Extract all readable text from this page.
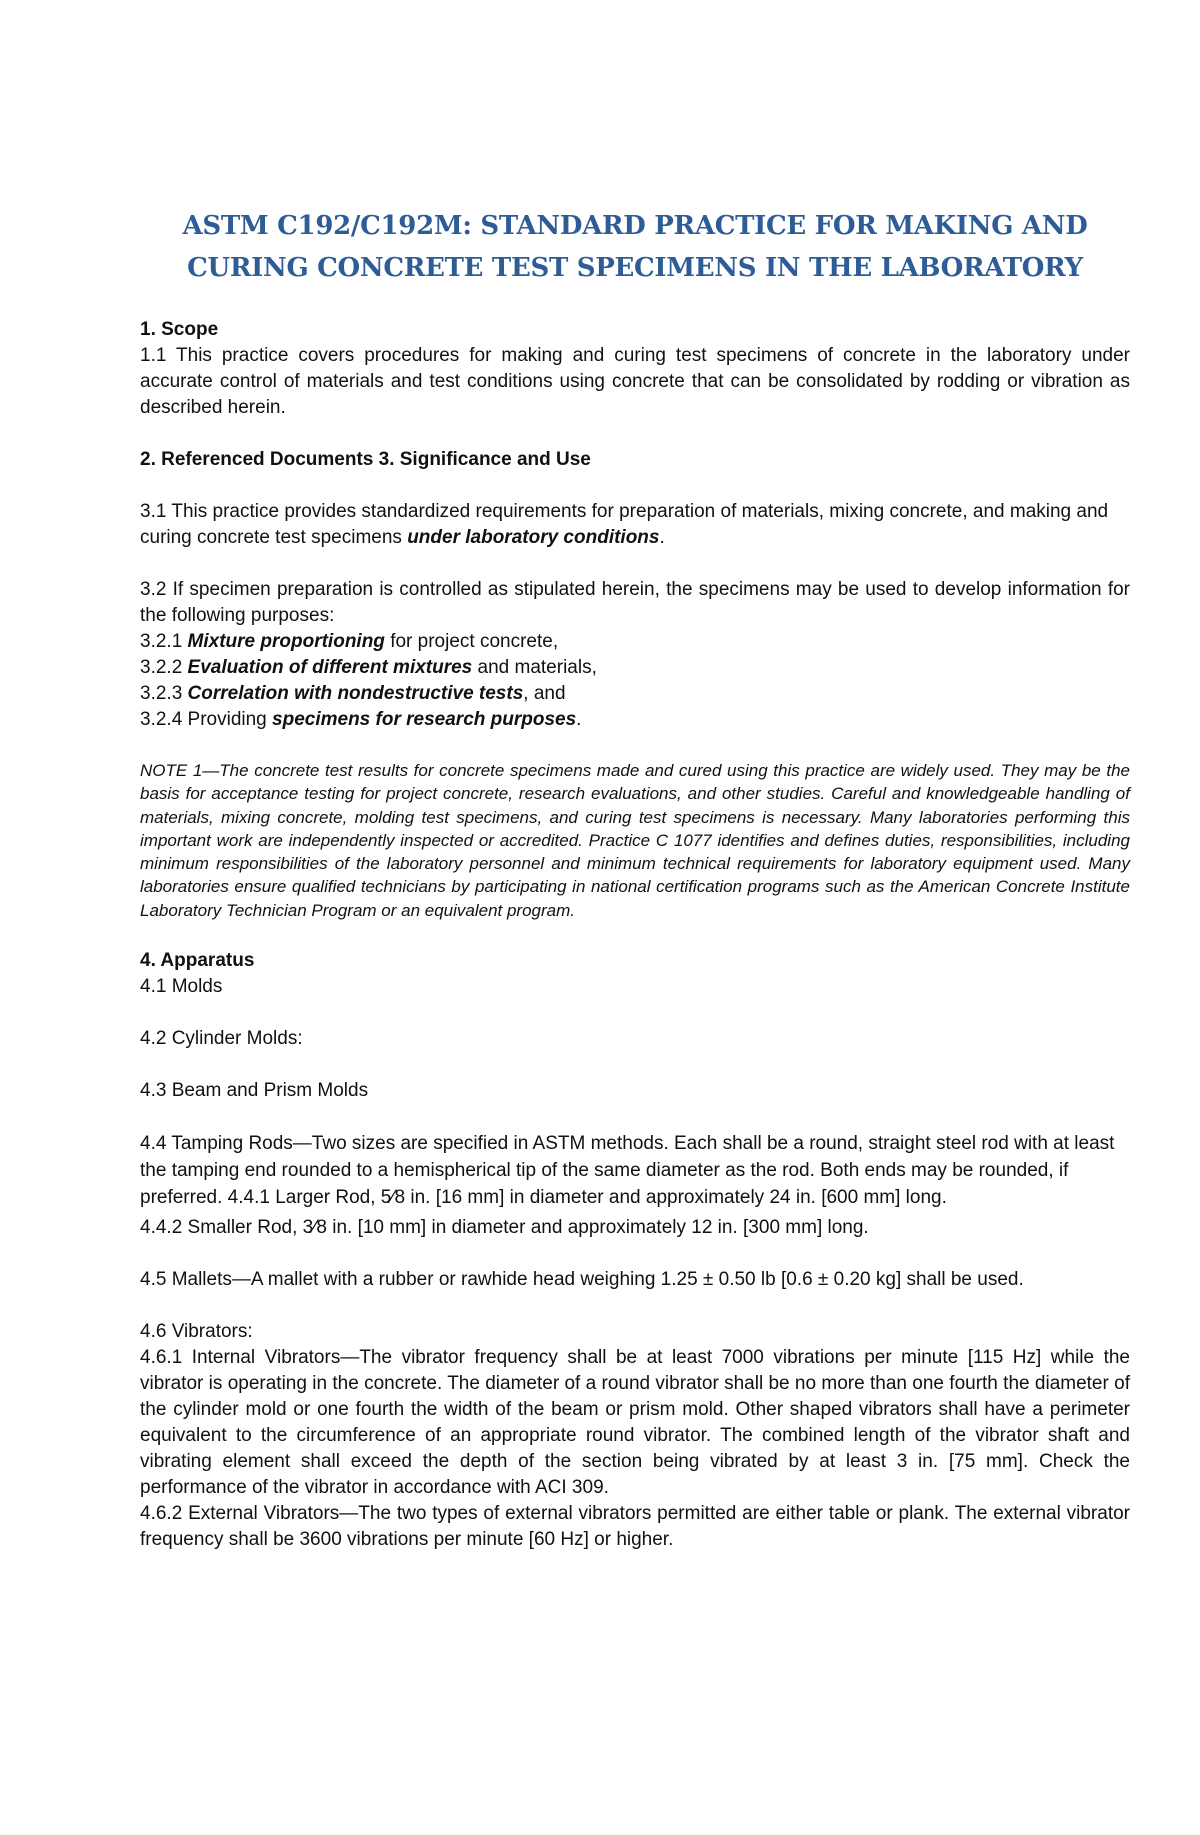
ASTM C192/C192M: STANDARD PRACTICE FOR MAKING AND
CURING CONCRETE TEST SPECIMENS IN THE LABORATORY

1. Scope

1.1 This practice covers procedures for making and curing test specimens of concrete in the laboratory under accurate control of materials and test conditions using concrete that can be consolidated by rodding or vibration as described herein.

2. Referenced Documents 3. Significance and Use

3.1 This practice provides standardized requirements for preparation of materials, mixing concrete, and making and curing concrete test specimens under laboratory conditions.

3.2 If specimen preparation is controlled as stipulated herein, the specimens may be used to develop information for the following purposes:

3.2.1 Mixture proportioning for project concrete,

3.2.2 Evaluation of different mixtures and materials,

3.2.3 Correlation with nondestructive tests, and

3.2.4 Providing specimens for research purposes.

NOTE 1—The concrete test results for concrete specimens made and cured using this practice are widely used. They may be the basis for acceptance testing for project concrete, research evaluations, and other studies. Careful and knowledgeable handling of materials, mixing concrete, molding test specimens, and curing test specimens is necessary. Many laboratories performing this important work are independently inspected or accredited. Practice C 1077 identifies and defines duties, responsibilities, including minimum responsibilities of the laboratory personnel and minimum technical requirements for laboratory equipment used. Many laboratories ensure qualified technicians by participating in national certification programs such as the American Concrete Institute Laboratory Technician Program or an equivalent program.

4. Apparatus

4.1 Molds

4.2 Cylinder Molds:

4.3 Beam and Prism Molds

4.4 Tamping Rods—Two sizes are specified in ASTM methods. Each shall be a round, straight steel rod with at least the tamping end rounded to a hemispherical tip of the same diameter as the rod. Both ends may be rounded, if preferred. 4.4.1 Larger Rod, 5⁄8 in. [16 mm] in diameter and approximately 24 in. [600 mm] long.

4.4.2 Smaller Rod, 3⁄8 in. [10 mm] in diameter and approximately 12 in. [300 mm] long.

4.5 Mallets—A mallet with a rubber or rawhide head weighing 1.25 ± 0.50 lb [0.6 ± 0.20 kg] shall be used.

4.6 Vibrators:

4.6.1 Internal Vibrators—The vibrator frequency shall be at least 7000 vibrations per minute [115 Hz] while the vibrator is operating in the concrete. The diameter of a round vibrator shall be no more than one fourth the diameter of the cylinder mold or one fourth the width of the beam or prism mold. Other shaped vibrators shall have a perimeter equivalent to the circumference of an appropriate round vibrator. The combined length of the vibrator shaft and vibrating element shall exceed the depth of the section being vibrated by at least 3 in. [75 mm]. Check the performance of the vibrator in accordance with ACI 309.

4.6.2 External Vibrators—The two types of external vibrators permitted are either table or plank. The external vibrator frequency shall be 3600 vibrations per minute [60 Hz] or higher.
